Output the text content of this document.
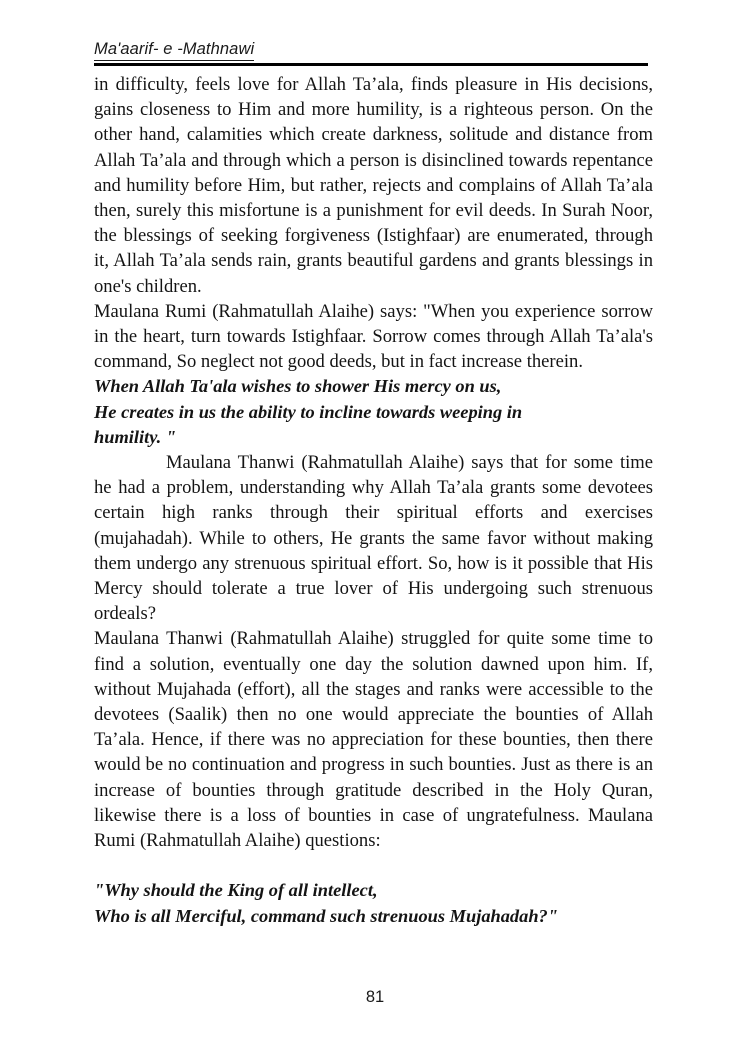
Ma'aarif- e -Mathnawi

in difficulty, feels love for Allah Ta’ala, finds pleasure in His decisions, gains closeness to Him and more humility, is a righteous person. On the other hand, calamities which create darkness, solitude and distance from Allah Ta’ala and through which a person is disinclined towards repentance and humility before Him, but rather, rejects and complains of Allah Ta’ala then, surely this misfortune is a punishment for evil deeds. In Surah Noor, the blessings of seeking forgiveness (Istighfaar) are enumerated, through it, Allah Ta’ala sends rain, grants beautiful gardens and grants blessings in one's children.

Maulana Rumi (Rahmatullah Alaihe) says: "When you experience sorrow in the heart, turn towards Istighfaar. Sorrow comes through Allah Ta’ala's command, So neglect not good deeds, but in fact increase therein.

When Allah Ta'ala wishes to shower His mercy on us,
He creates in us the ability to incline towards weeping in
humility. "

Maulana Thanwi (Rahmatullah Alaihe) says that for some time he had a problem, understanding why Allah Ta’ala grants some devotees certain high ranks through their spiritual efforts and exercises (mujahadah). While to others, He grants the same favor without making them undergo any strenuous spiritual effort. So, how is it possible that His Mercy should tolerate a true lover of His undergoing such strenuous ordeals?

Maulana Thanwi (Rahmatullah Alaihe) struggled for quite some time to find a solution, eventually one day the solution dawned upon him. If, without Mujahada (effort), all the stages and ranks were accessible to the devotees (Saalik) then no one would appreciate the bounties of Allah Ta’ala. Hence, if there was no appreciation for these bounties, then there would be no continuation and progress in such bounties. Just as there is an increase of bounties through gratitude described in the Holy Quran, likewise there is a loss of bounties in case of ungratefulness. Maulana Rumi (Rahmatullah Alaihe) questions:

"Why should the King of all intellect,
Who is all Merciful, command such strenuous Mujahadah?"
81
